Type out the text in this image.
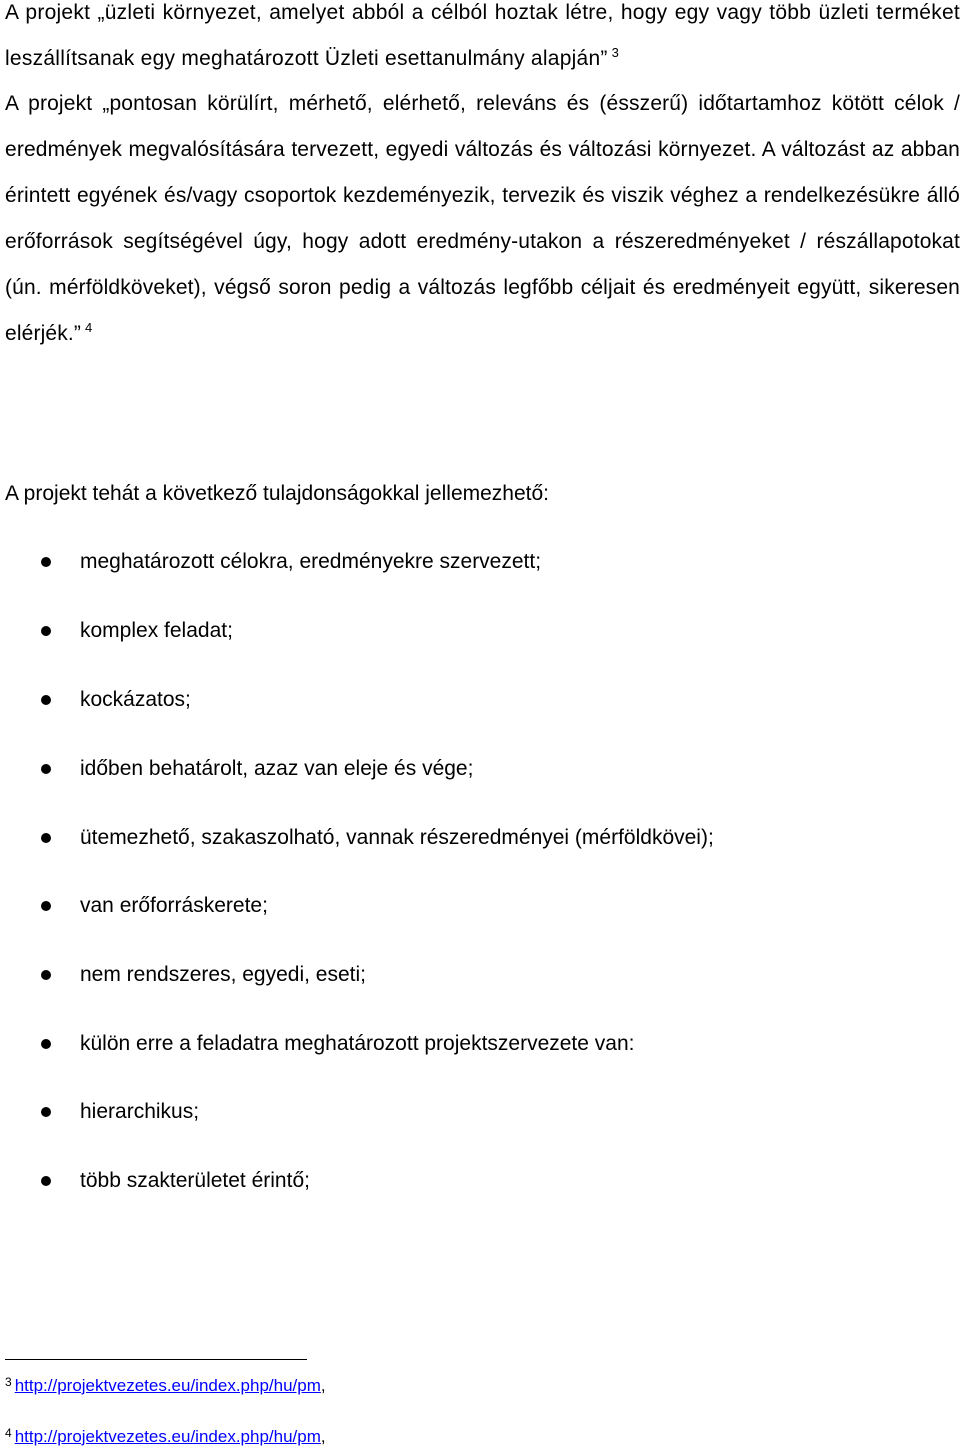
A projekt „üzleti környezet, amelyet abból a célból hoztak létre, hogy egy vagy több üzleti terméket leszállítsanak egy meghatározott Üzleti esettanulmány alapján” $^3$

A projekt „pontosan körülírt, mérhető, elérhető, releváns és (ésszerű) időtartamhoz kötött célok / eredmények megvalósítására tervezett, egyedi változás és változási környezet. A változást az abban érintett egyének és/vagy csoportok kezdeményezik, tervezik és viszik véghez a rendelkezésükre álló erőforrások segítségével úgy, hogy adott eredmény-utakon a részeredményeket / részállapotokat (ún. mérföldköveket), végső soron pedig a változás legfőbb céljait és eredményeit együtt, sikeresen elérjék.” $^4$

A projekt tehát a következő tulajdonságokkal jellemezhető:

meghatározott célokra, eredményekre szervezett;
komplex feladat;
kockázatos;
időben behatárolt, azaz van eleje és vége;
ütemezhető, szakaszolható, vannak részeredményei (mérföldkövei);
van erőforráskerete;
nem rendszeres, egyedi, eseti;
külön erre a feladatra meghatározott projektszervezete van:
hierarchikus;
több szakterületet érintő;
$^3$ http://projektvezetes.eu/index.php/hu/pm,
$^4$ http://projektvezetes.eu/index.php/hu/pm,
